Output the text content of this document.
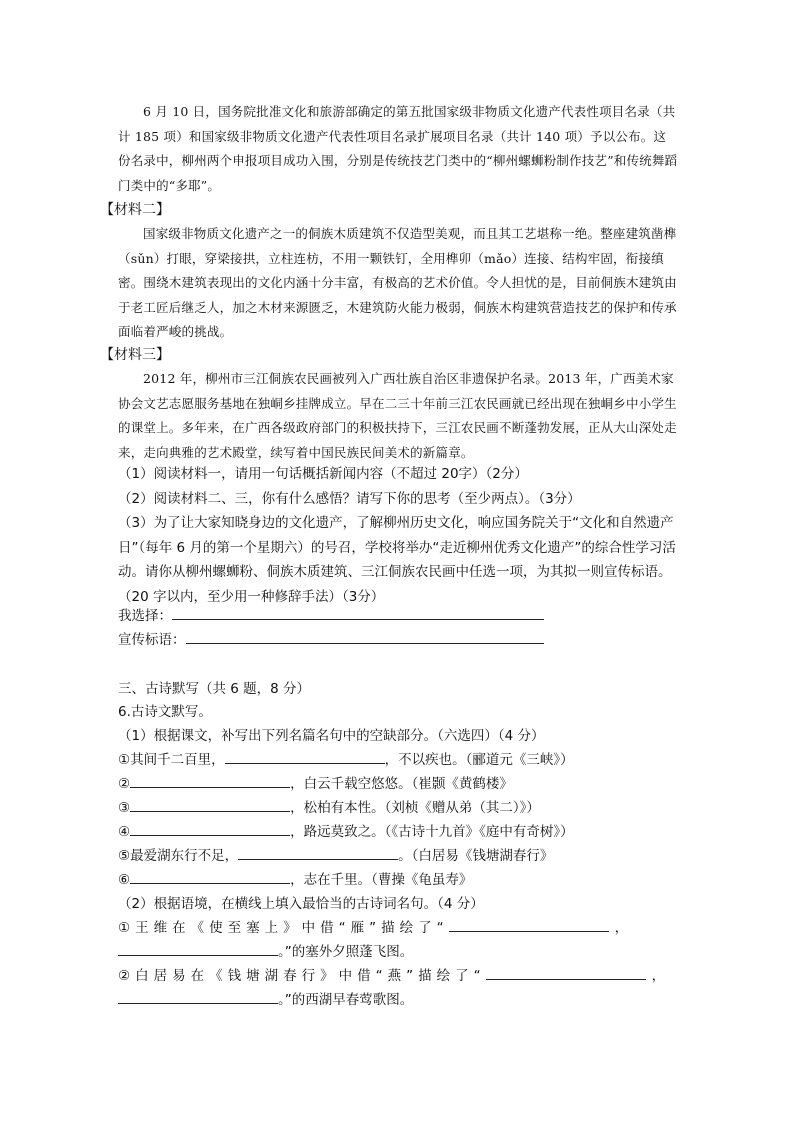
6 月 10 日，国务院批准文化和旅游部确定的第五批国家级非物质文化遗产代表性项目名录（共计 185 项）和国家级非物质文化遗产代表性项目名录扩展项目名录（共计 140 项）予以公布。这份名录中，柳州两个申报项目成功入围，分别是传统技艺门类中的“柳州螺蛳粉制作技艺”和传统舞蹈门类中的“多耶”。

【材料二】

国家级非物质文化遗产之一的侗族木质建筑不仅造型美观，而且其工艺堪称一绝。整座建筑凿榫（sǔn）打眼，穿梁接拱，立柱连枋，不用一颗铁钉，全用榫卯（mǎo）连接、结构牢固，衔接缜密。围绕木建筑表现出的文化内涵十分丰富，有极高的艺术价值。令人担忧的是，目前侗族木建筑由于老工匠后继乏人，加之木材来源匮乏，木建筑防火能力极弱，侗族木构建筑营造技艺的保护和传承面临着严峻的挑战。

【材料三】

2012 年，柳州市三江侗族农民画被列入广西壮族自治区非遗保护名录。2013 年，广西美术家协会文艺志愿服务基地在独峒乡挂牌成立。早在二三十年前三江农民画就已经出现在独峒乡中小学生的课堂上。多年来，在广西各级政府部门的积极扶持下，三江农民画不断蓬勃发展，正从大山深处走来，走向典雅的艺术殿堂，续写着中国民族民间美术的新篇章。

（1）阅读材料一，请用一句话概括新闻内容（不超过 20字）（2分）

（2）阅读材料二、三，你有什么感悟？请写下你的思考（至少两点）。（3分）

（3）为了让大家知晓身边的文化遗产，了解柳州历史文化，响应国务院关于“文化和自然遗产日”（每年 6 月的第一个星期六）的号召，学校将举办“走近柳州优秀文化遗产”的综合性学习活动。请你从柳州螺蛳粉、侗族木质建筑、三江侗族农民画中任选一项，为其拟一则宣传标语。（20 字以内，至少用一种修辞手法）（3分）

我选择：
宣传标语：
三、古诗默写（共 6 题，8 分）
6.古诗文默写。
（1）根据课文，补写出下列名篇名句中的空缺部分。（六选四）（4 分）
①其间千二百里，	，不以疾也。（郦道元《三峡》）
②	，白云千载空悠悠。（崔颢《黄鹤楼》
③	，松柏有本性。（刘桢《赠从弟（其二）》）
④	，路远莫致之。（《古诗十九首》《庭中有奇树》）
⑤最爱湖东行不足，	。（白居易《钱塘湖春行》
⑥	，志在千里。（曹操《龟虽寿》
（2）根据语境，在横线上填入最恰当的古诗词名句。（4 分）
①王维在《使至塞上》中借“雁”描绘了“	，
。”的塞外夕照蓬飞图。
②白居易在《钱塘湖春行》中借“燕”描绘了“	，
。”的西湖早春莺歌图。
